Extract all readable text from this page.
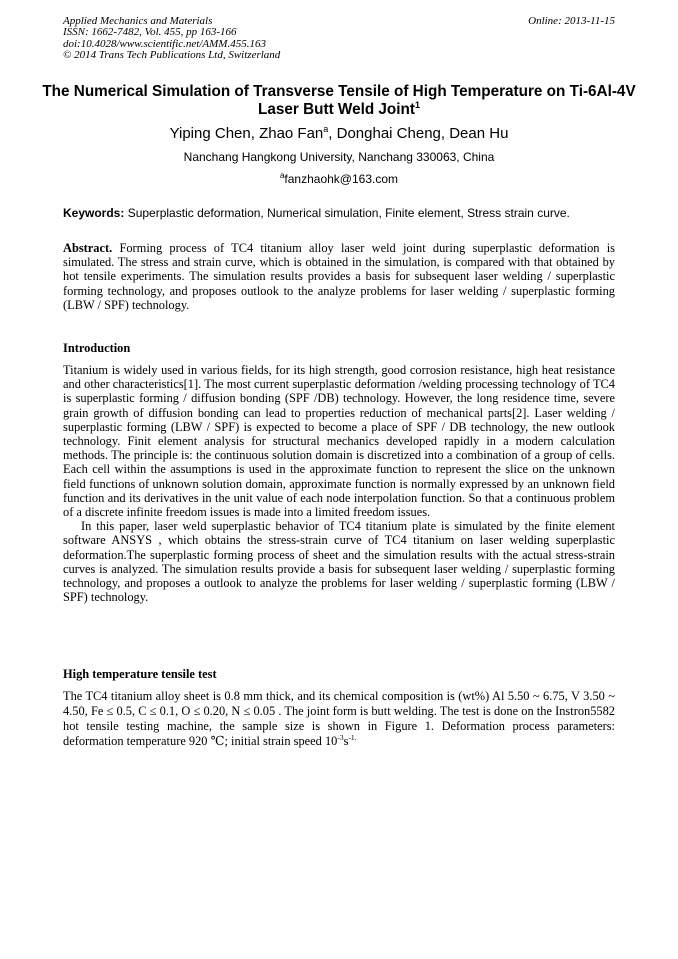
Applied Mechanics and Materials
ISSN: 1662-7482, Vol. 455, pp 163-166
doi:10.4028/www.scientific.net/AMM.455.163
© 2014 Trans Tech Publications Ltd, Switzerland
Online: 2013-11-15
The Numerical Simulation of Transverse Tensile of High Temperature on Ti-6Al-4V Laser Butt Weld Joint$^1$
Yiping Chen, Zhao Fan$^a$, Donghai Cheng, Dean Hu
Nanchang Hangkong University, Nanchang 330063, China
$^a$fanzhaohk@163.com
Keywords: Superplastic deformation, Numerical simulation, Finite element, Stress strain curve.
Abstract. Forming process of TC4 titanium alloy laser weld joint during superplastic deformation is simulated. The stress and strain curve, which is obtained in the simulation, is compared with that obtained by hot tensile experiments. The simulation results provides a basis for subsequent laser welding / superplastic forming technology, and proposes outlook to the analyze problems for laser welding / superplastic forming (LBW / SPF) technology.
Introduction
Titanium is widely used in various fields, for its high strength, good corrosion resistance, high heat resistance and other characteristics[1]. The most current superplastic deformation /welding processing technology of TC4 is superplastic forming / diffusion bonding (SPF /DB) technology. However, the long residence time, severe grain growth of diffusion bonding can lead to properties reduction of mechanical parts[2]. Laser welding / superplastic forming (LBW / SPF) is expected to become a place of SPF / DB technology, the new outlook technology. Finit element analysis for structural mechanics developed rapidly in a modern calculation methods. The principle is: the continuous solution domain is discretized into a combination of a group of cells. Each cell within the assumptions is used in the approximate function to represent the slice on the unknown field functions of unknown solution domain, approximate function is normally expressed by an unknown field function and its derivatives in the unit value of each node interpolation function. So that a continuous problem of a discrete infinite freedom issues is made into a limited freedom issues.
In this paper, laser weld superplastic behavior of TC4 titanium plate is simulated by the finite element software ANSYS , which obtains the stress-strain curve of TC4 titanium on laser welding superplastic deformation.The superplastic forming process of sheet and the simulation results with the actual stress-strain curves is analyzed. The simulation results provide a basis for subsequent laser welding / superplastic forming technology, and proposes a outlook to analyze the problems for laser welding / superplastic forming (LBW / SPF) technology.
High temperature tensile test
The TC4 titanium alloy sheet is 0.8 mm thick, and its chemical composition is (wt%) Al 5.50 ~ 6.75, V 3.50 ~ 4.50, Fe ≤ 0.5, C ≤ 0.1, O ≤ 0.20, N ≤ 0.05 . The joint form is butt welding. The test is done on the Instron5582 hot tensile testing machine, the sample size is shown in Figure 1. Deformation process parameters: deformation temperature 920 ℃; initial strain speed $10^{-3}s^{-1.}$
